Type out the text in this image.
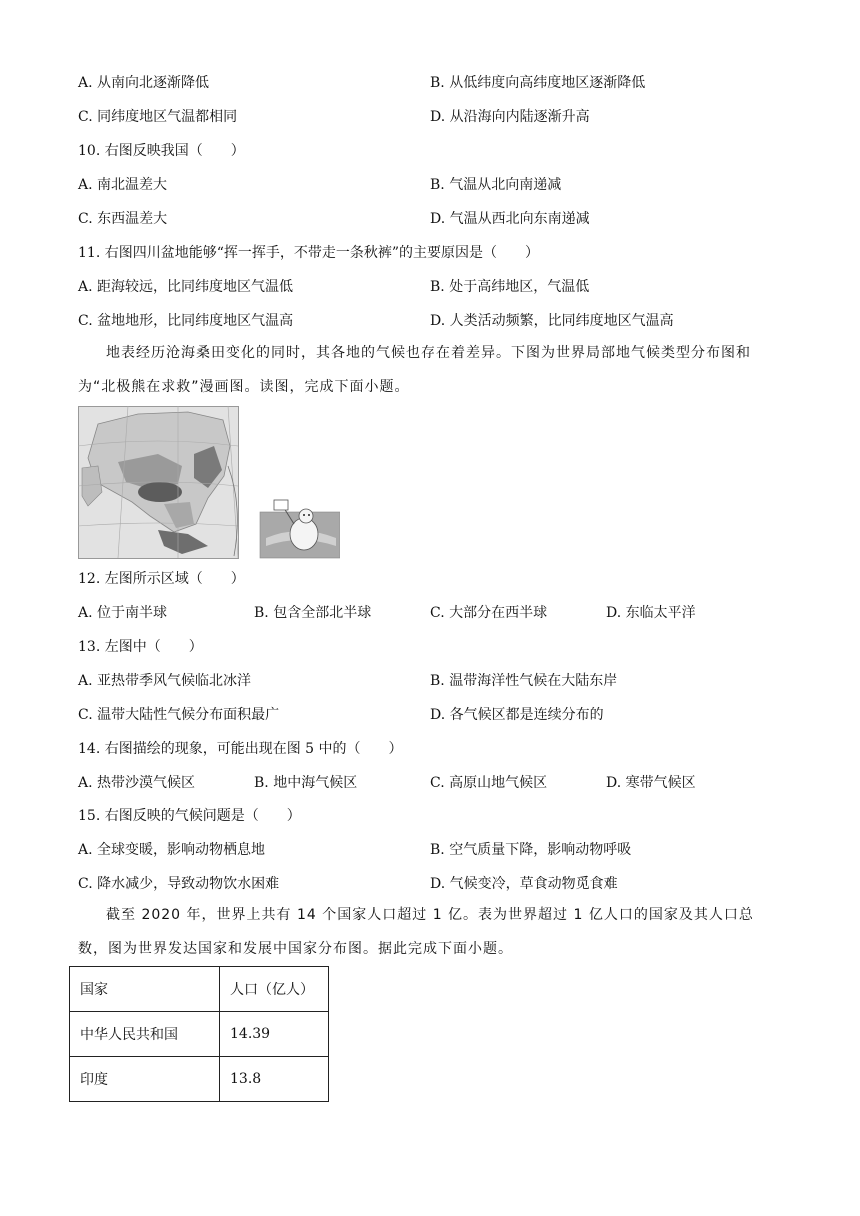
A. 从南向北逐渐降低	B. 从低纬度向高纬度地区逐渐降低
C. 同纬度地区气温都相同	D. 从沿海向内陆逐渐升高
10. 右图反映我国（　　）
A. 南北温差大	B. 气温从北向南递减
C. 东西温差大	D. 气温从西北向东南递减
11. 右图四川盆地能够“挥一挥手，不带走一条秋裤”的主要原因是（　　）
A. 距海较远，比同纬度地区气温低	B. 处于高纬地区，气温低
C. 盆地地形，比同纬度地区气温高	D. 人类活动频繁，比同纬度地区气温高
地表经历沧海桑田变化的同时，其各地的气候也存在着差异。下图为世界局部地气候类型分布图和为“北极熊在求救”漫画图。读图，完成下面小题。
12. 左图所示区域（　　）
A. 位于南半球	B. 包含全部北半球	C. 大部分在西半球	D. 东临太平洋
13. 左图中（　　）
A. 亚热带季风气候临北冰洋	B. 温带海洋性气候在大陆东岸
C. 温带大陆性气候分布面积最广	D. 各气候区都是连续分布的
14. 右图描绘的现象，可能出现在图 5 中的（　　）
A. 热带沙漠气候区	B. 地中海气候区	C. 高原山地气候区	D. 寒带气候区
15. 右图反映的气候问题是（　　）
A. 全球变暖，影响动物栖息地	B. 空气质量下降，影响动物呼吸
C. 降水减少，导致动物饮水困难	D. 气候变冷，草食动物觅食难
截至 2020 年，世界上共有 14 个国家人口超过 1 亿。表为世界超过 1 亿人口的国家及其人口总数，图为世界发达国家和发展中国家分布图。据此完成下面小题。
国家	人口（亿人）
中华人民共和国	14.39
印度	13.8
